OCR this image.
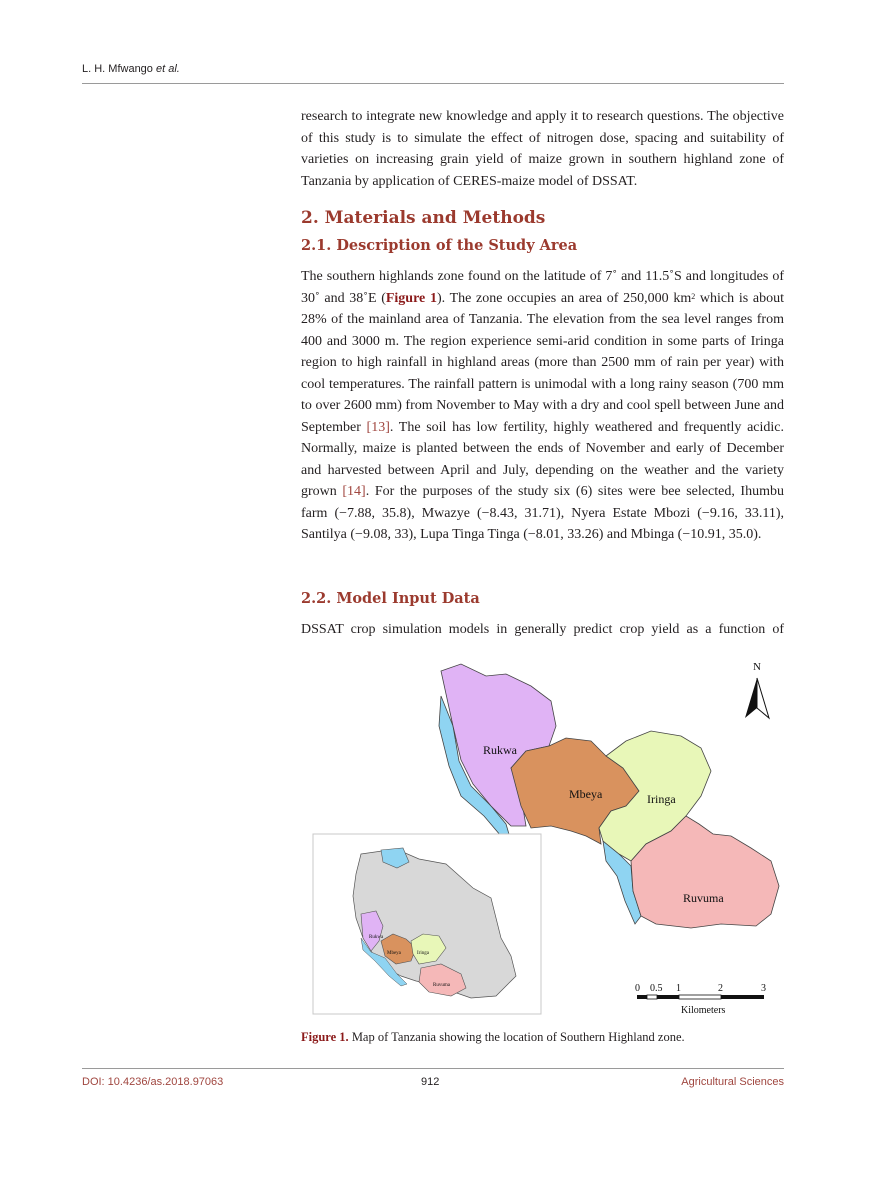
L. H. Mfwango et al.

research to integrate new knowledge and apply it to research questions. The objective of this study is to simulate the effect of nitrogen dose, spacing and suitability of varieties on increasing grain yield of maize grown in southern highland zone of Tanzania by application of CERES-maize model of DSSAT.

2. Materials and Methods
2.1. Description of the Study Area

The southern highlands zone found on the latitude of 7˚ and 11.5˚S and longitudes of 30˚ and 38˚E (Figure 1). The zone occupies an area of 250,000 $km^2$ which is about 28% of the mainland area of Tanzania. The elevation from the sea level ranges from 400 and 3000 m. The region experience semi-arid condition in some parts of Iringa region to high rainfall in highland areas (more than 2500 mm of rain per year) with cool temperatures. The rainfall pattern is unimodal with a long rainy season (700 mm to over 2600 mm) from November to May with a dry and cool spell between June and September [13]. The soil has low fertility, highly weathered and frequently acidic. Normally, maize is planted between the ends of November and early of December and harvested between April and July, depending on the weather and the variety grown [14]. For the purposes of the study six (6) sites were bee selected, Ihumbu farm (−7.88, 35.8), Mwazye (−8.43, 31.71), Nyera Estate Mbozi (−9.16, 33.11), Santilya (−9.08, 33), Lupa Tinga Tinga (−8.01, 33.26) and Mbinga (−10.91, 35.0).

2.2. Model Input Data

DSSAT crop simulation models in generally predict crop yield as a function of

Rukwa
Mbeya	Iringa
Ruvuma
N
Rukwa
Mbeya	Iringa
Ruvuma	0 0.5 1	2	3
Kilometers
Figure 1. Map of Tanzania showing the location of Southern Highland zone.
DOI: 10.4236/as.2018.97063	912	Agricultural Sciences
